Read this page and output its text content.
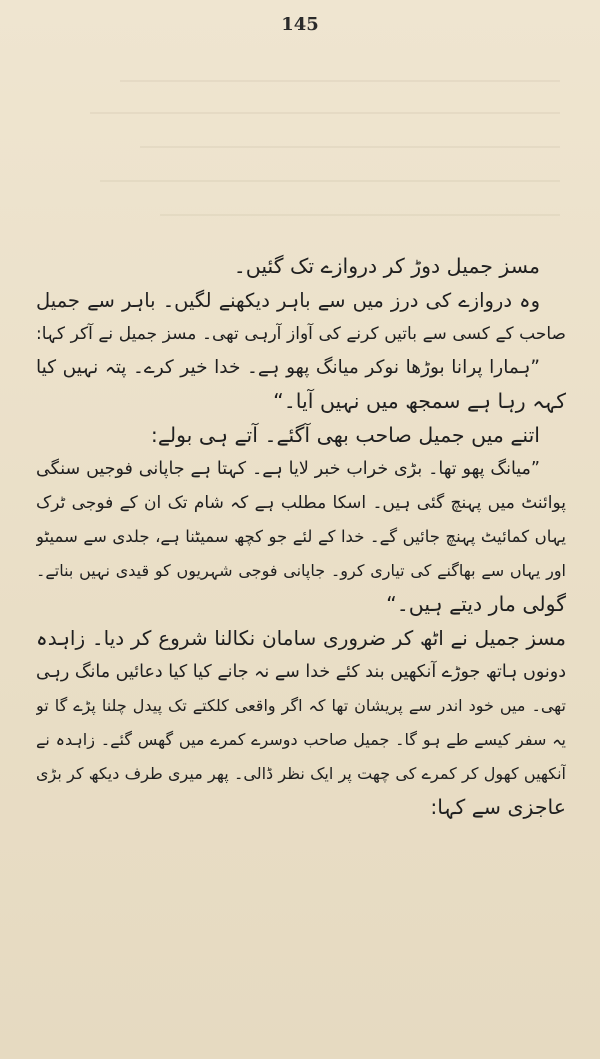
145
مسز جمیل دوڑ کر دروازے تک گئیں۔
وہ دروازے کی درز میں سے باہر دیکھنے لگیں۔ باہر سے جمیل
صاحب کے کسی سے باتیں کرنے کی آواز آرہی تھی۔ مسز جمیل نے آکر کہا:
”ہمارا پرانا بوڑھا نوکر میانگ پھو ہے۔ خدا خیر کرے۔ پتہ نہیں کیا
کہہ رہا ہے سمجھ میں نہیں آیا۔“
اتنے میں جمیل صاحب بھی آگئے۔ آتے ہی بولے:
”میانگ پھو تھا۔ بڑی خراب خبر لایا ہے۔ کہتا ہے جاپانی فوجیں سنگی
پوائنٹ میں پہنچ گئی ہیں۔ اسکا مطلب ہے کہ شام تک ان کے فوجی ٹرک
یہاں کمائیٹ پہنچ جائیں گے۔ خدا کے لئے جو کچھ سمیٹنا ہے، جلدی سے سمیٹو
اور یہاں سے بھاگنے کی تیاری کرو۔ جاپانی فوجی شہریوں کو قیدی نہیں بناتے۔
گولی مار دیتے ہیں۔“
مسز جمیل نے اٹھ کر ضروری سامان نکالنا شروع کر دیا۔ زاہدہ
دونوں ہاتھ جوڑے آنکھیں بند کئے خدا سے نہ جانے کیا کیا دعائیں مانگ رہی
تھی۔ میں خود اندر سے پریشان تھا کہ اگر واقعی کلکتے تک پیدل چلنا پڑے گا تو
یہ سفر کیسے طے ہو گا۔ جمیل صاحب دوسرے کمرے میں گھس گئے۔ زاہدہ نے
آنکھیں کھول کر کمرے کی چھت پر ایک نظر ڈالی۔ پھر میری طرف دیکھ کر بڑی
عاجزی سے کہا:
